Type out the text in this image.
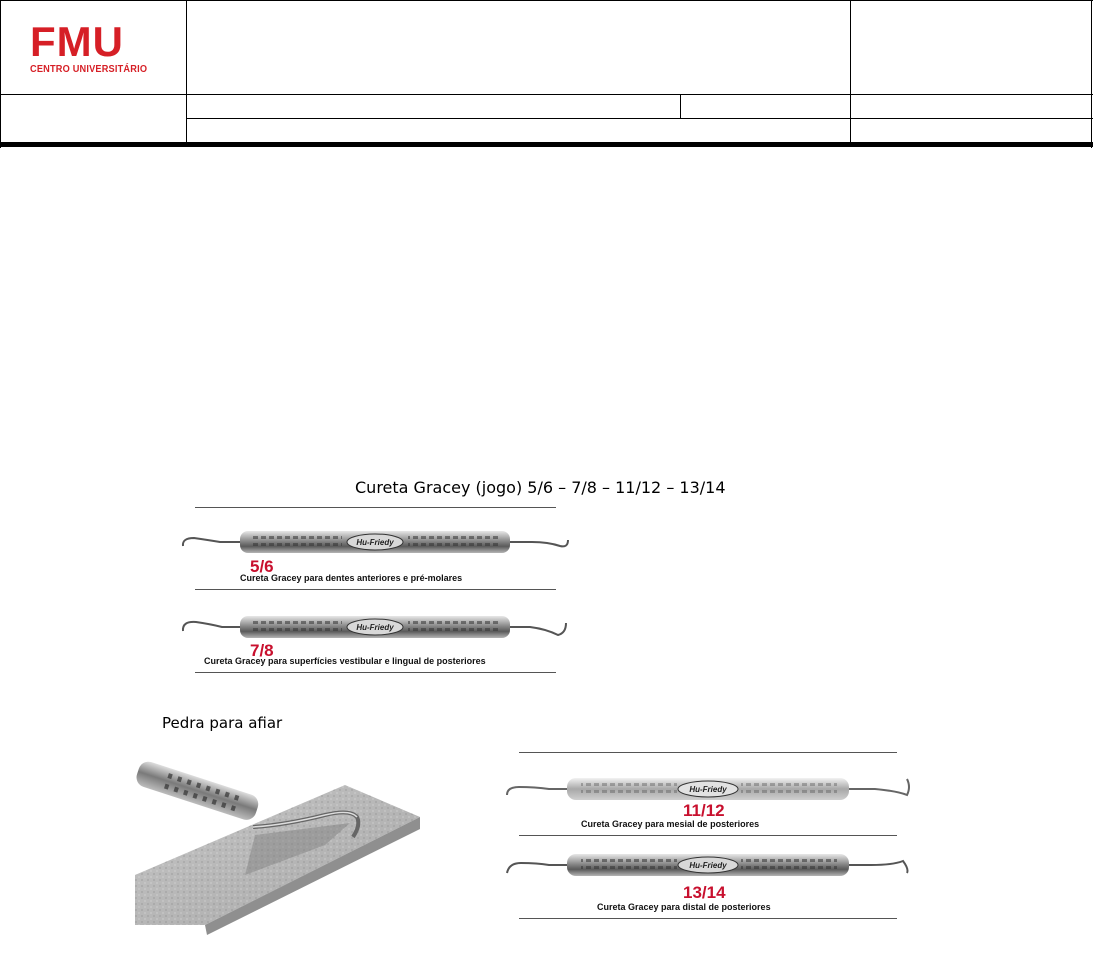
FMU
CENTRO UNIVERSITÁRIO
Cureta Gracey (jogo) 5/6 – 7/8 – 11/12 – 13/14
Hu-Friedy
5/6
Cureta Gracey para dentes anteriores e pré-molares
Hu-Friedy
7/8
Cureta Gracey para superfícies vestibular e lingual de posteriores
Pedra para afiar
Hu-Friedy
11/12
Cureta Gracey para mesial de posteriores
Hu-Friedy
13/14
Cureta Gracey para distal de posteriores
